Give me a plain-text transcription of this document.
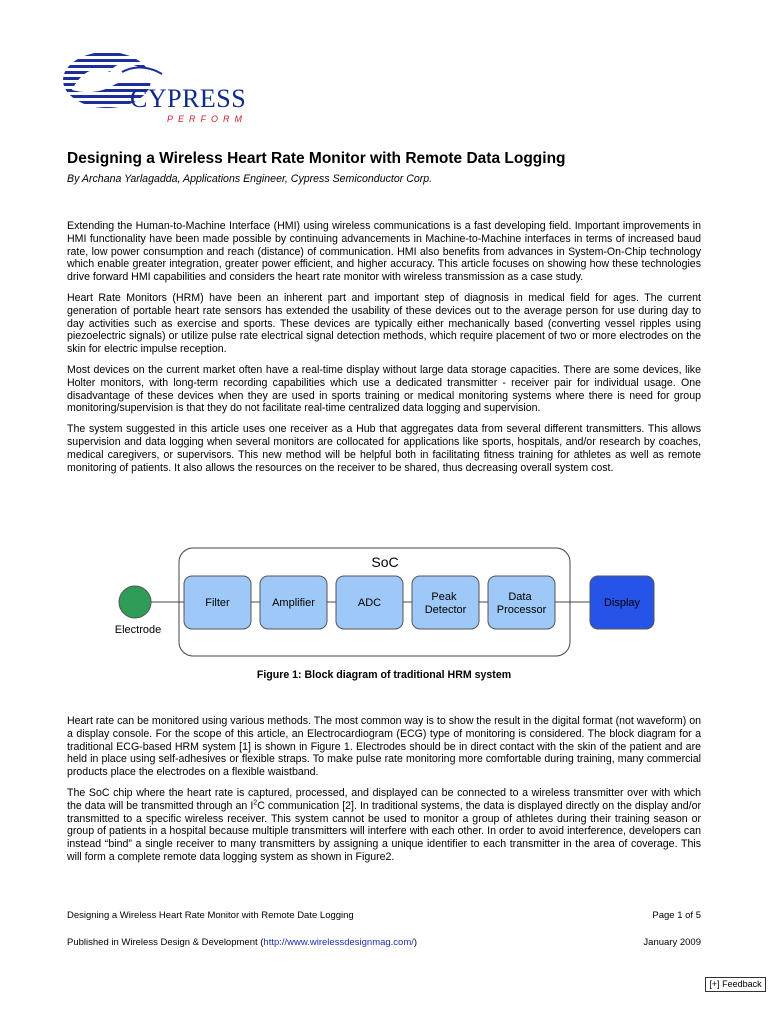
CYPRESS
PERFORM
Designing a Wireless Heart Rate Monitor with Remote Data Logging

By Archana Yarlagadda, Applications Engineer, Cypress Semiconductor Corp.

Extending the Human-to-Machine Interface (HMI) using wireless communications is a fast developing field. Important improvements in HMI functionality have been made possible by continuing advancements in Machine-to-Machine interfaces in terms of increased baud rate, low power consumption and reach (distance) of communication. HMI also benefits from advances in System-On-Chip technology which enable greater integration, greater power efficient, and higher accuracy. This article focuses on showing how these technologies drive forward HMI capabilities and considers the heart rate monitor with wireless transmission as a case study.

Heart Rate Monitors (HRM) have been an inherent part and important step of diagnosis in medical field for ages. The current generation of portable heart rate sensors has extended the usability of these devices out to the average person for use during day to day activities such as exercise and sports. These devices are typically either mechanically based (converting vessel ripples using piezoelectric signals) or utilize pulse rate electrical signal detection methods, which require placement of two or more electrodes on the skin for electric impulse reception.

Most devices on the current market often have a real-time display without large data storage capacities. There are some devices, like Holter monitors, with long-term recording capabilities which use a dedicated transmitter - receiver pair for individual usage. One disadvantage of these devices when they are used in sports training or medical monitoring systems where there is need for group monitoring/supervision is that they do not facilitate real-time centralized data logging and supervision.

The system suggested in this article uses one receiver as a Hub that aggregates data from several different transmitters. This allows supervision and data logging when several monitors are collocated for applications like sports, hospitals, and/or research by coaches, medical caregivers, or supervisors. This new method will be helpful both in facilitating fitness training for athletes as well as remote monitoring of patients. It also allows the resources on the receiver to be shared, thus decreasing overall system cost.

SoC
Electrode
Filter	Amplifier	ADC	Peak Detector
Data Processor
Display
Figure 1: Block diagram of traditional HRM system

Heart rate can be monitored using various methods. The most common way is to show the result in the digital format (not waveform) on a display console. For the scope of this article, an Electrocardiogram (ECG) type of monitoring is considered. The block diagram for a traditional ECG-based HRM system [1] is shown in Figure 1. Electrodes should be in direct contact with the skin of the patient and are held in place using self-adhesives or flexible straps. To make pulse rate monitoring more comfortable during training, many commercial products place the electrodes on a flexible waistband.

The SoC chip where the heart rate is captured, processed, and displayed can be connected to a wireless transmitter over with which the data will be transmitted through an $I^2C$ communication [2]. In traditional systems, the data is displayed directly on the display and/or transmitted to a specific wireless receiver. This system cannot be used to monitor a group of athletes during their training season or group of patients in a hospital because multiple transmitters will interfere with each other. In order to avoid interference, developers can instead “bind” a single receiver to many transmitters by assigning a unique identifier to each transmitter in the area of coverage. This will form a complete remote data logging system as shown in Figure2.

Designing a Wireless Heart Rate Monitor with Remote Date Logging	Page 1 of 5
Published in Wireless Design & Development (http://www.wirelessdesignmag.com/)	January 2009
[+] Feedback
